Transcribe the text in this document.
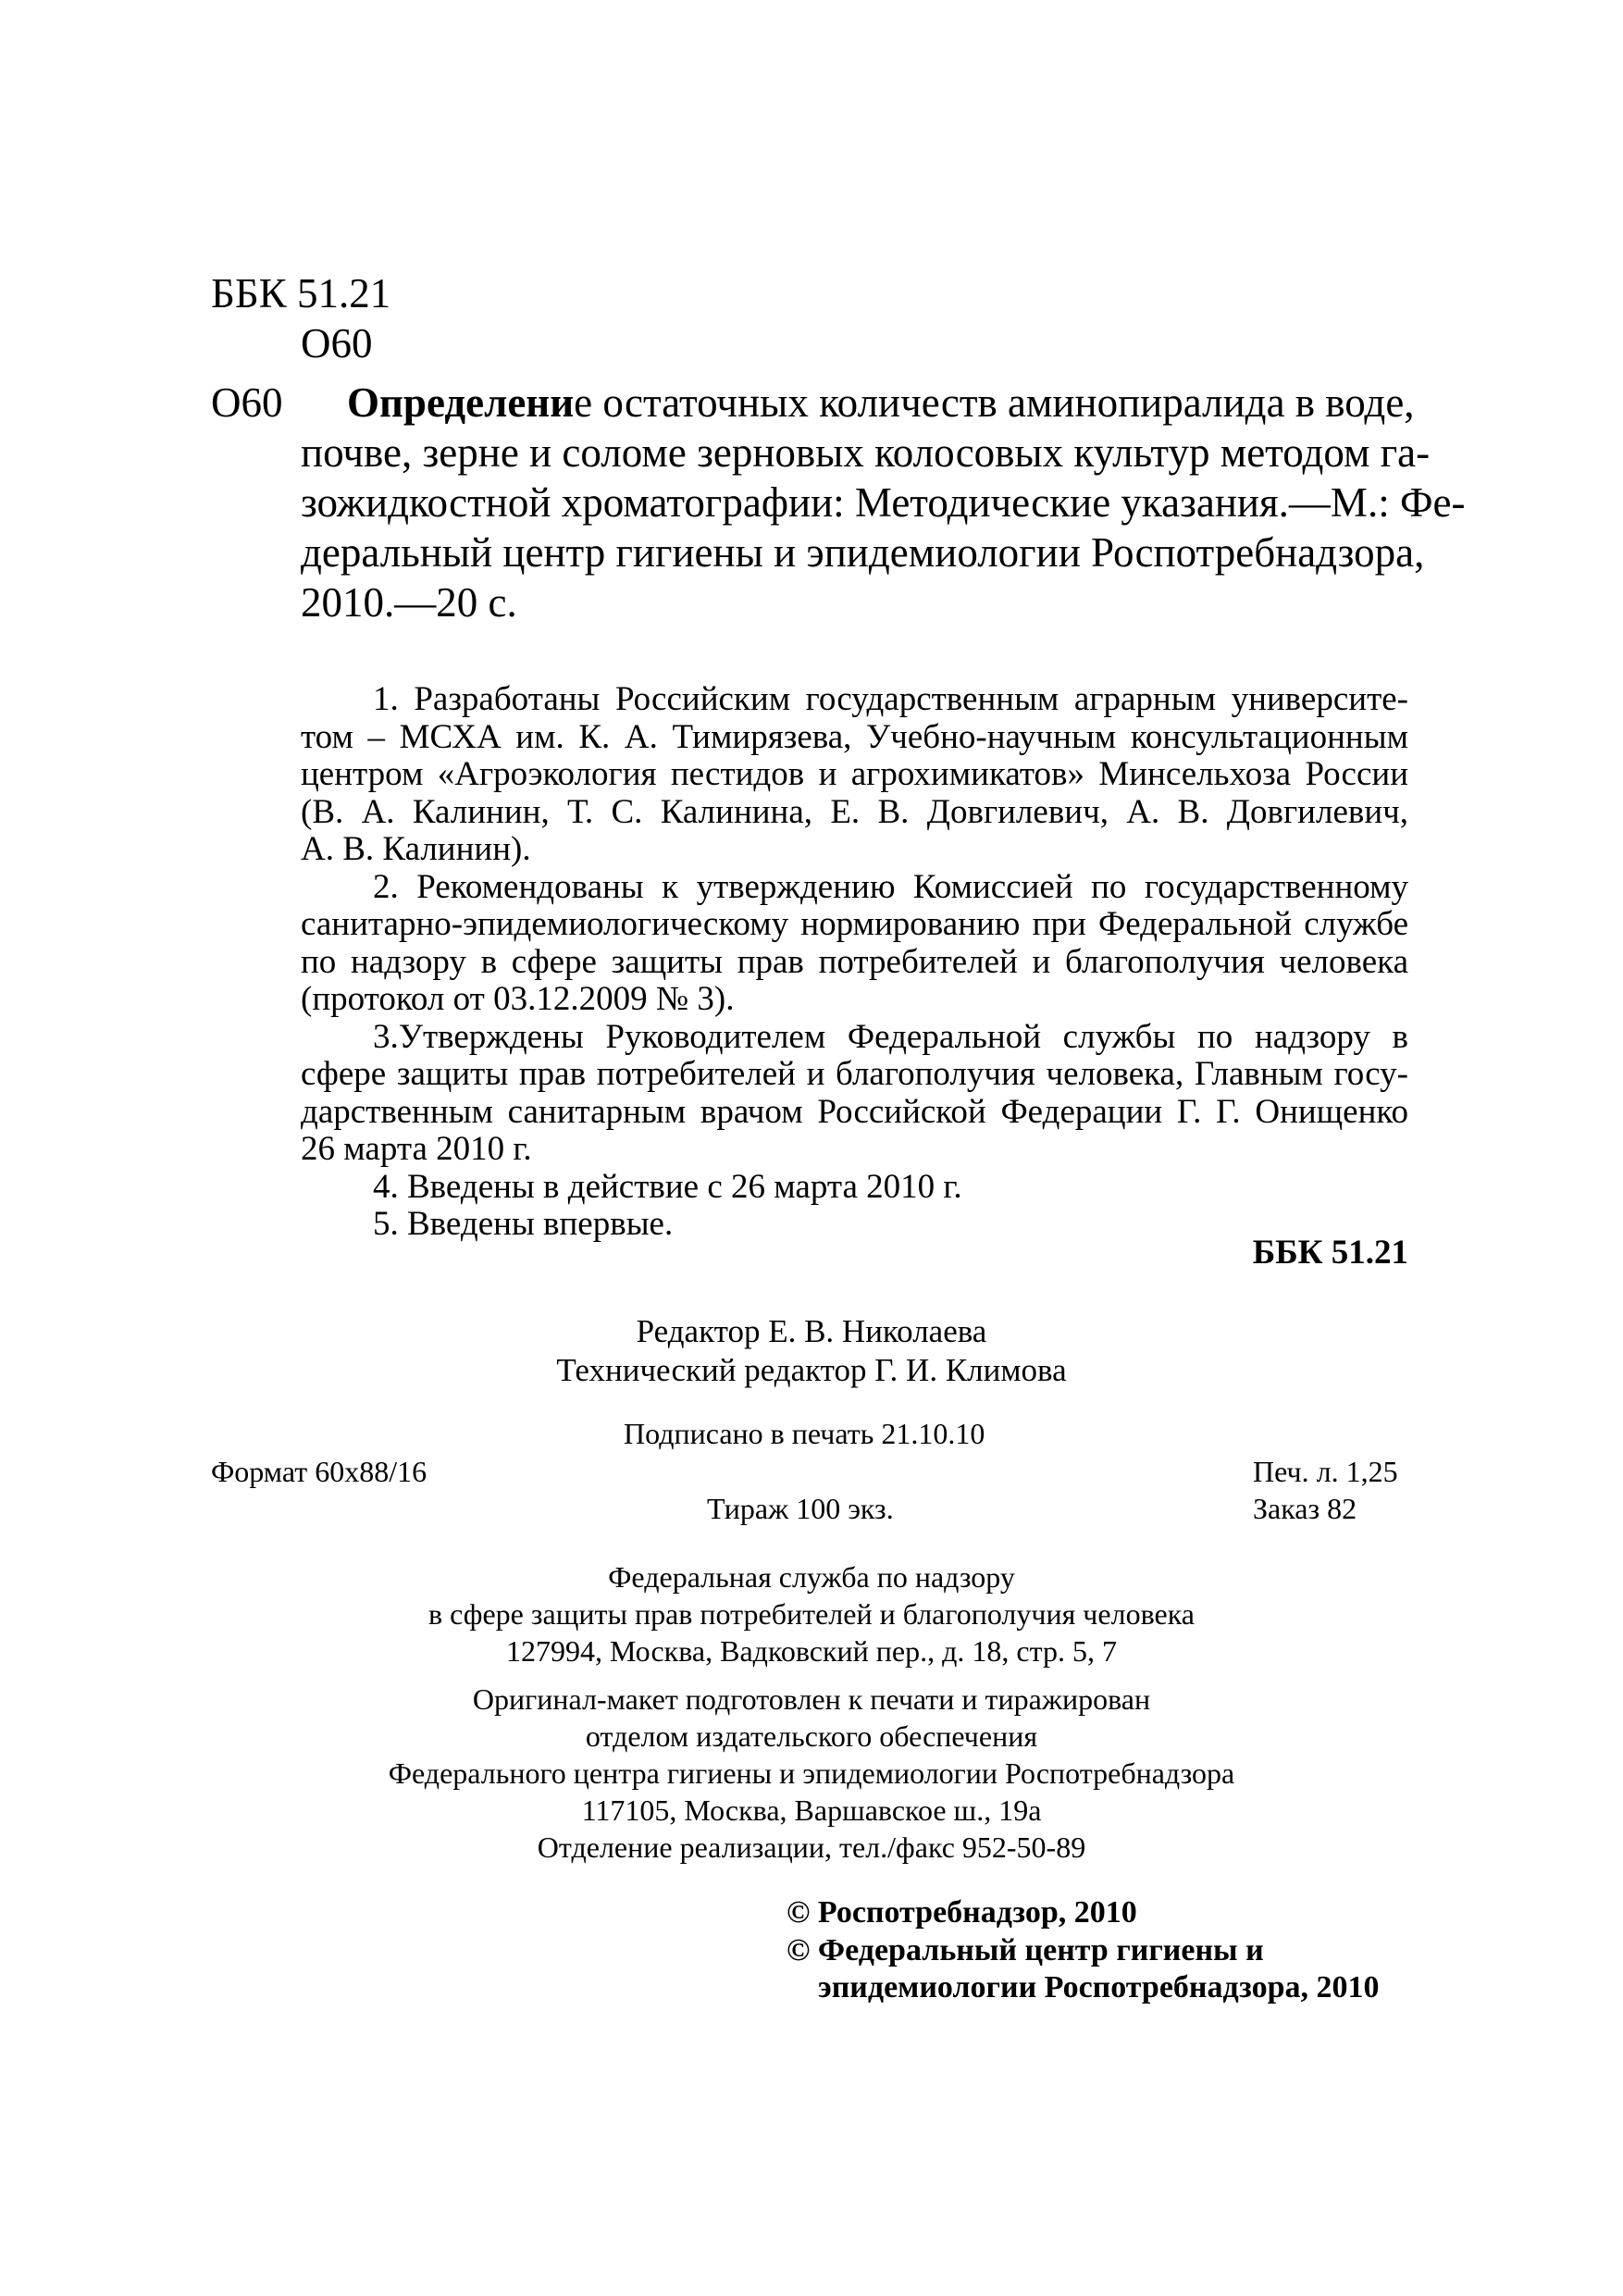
ББК 51.21
О60
О60	Определение остаточных количеств аминопиралида в воде,
почве, зерне и соломе зерновых колосовых культур методом га-
зожидкостной хроматографии: Методические указания.—М.: Фе-
деральный центр гигиены и эпидемиологии Роспотребнадзора,
2010.—20 с.
1. Разработаны Российским государственным аграрным университе-
том – МСХА им. К. А. Тимирязева, Учебно-научным консультационным
центром «Агроэкология пестидов и агрохимикатов» Минсельхоза России
(В. А. Калинин, Т. С. Калинина, Е. В. Довгилевич, А. В. Довгилевич,
А. В. Калинин).
2. Рекомендованы к утверждению Комиссией по государственному
санитарно-эпидемиологическому нормированию при Федеральной службе
по надзору в сфере защиты прав потребителей и благополучия человека
(протокол от 03.12.2009 № 3).
3.Утверждены Руководителем Федеральной службы по надзору в
сфере защиты прав потребителей и благополучия человека, Главным госу-
дарственным санитарным врачом Российской Федерации Г. Г. Онищенко
26 марта 2010 г.
4. Введены в действие с 26 марта 2010 г.
5. Введены впервые.
ББК 51.21
Редактор Е. В. Николаева
Технический редактор Г. И. Климова
Подписано в печать 21.10.10
Формат 60x88/16	Печ. л. 1,25
Тираж 100 экз.	Заказ 82
Федеральная служба по надзору
в сфере защиты прав потребителей и благополучия человека
127994, Москва, Вадковский пер., д. 18, стр. 5, 7
Оригинал-макет подготовлен к печати и тиражирован
отделом издательского обеспечения
Федерального центра гигиены и эпидемиологии Роспотребнадзора
117105, Москва, Варшавское ш., 19а
Отделение реализации, тел./факс 952-50-89
© Роспотребнадзор, 2010
© Федеральный центр гигиены и
эпидемиологии Роспотребнадзора, 2010
